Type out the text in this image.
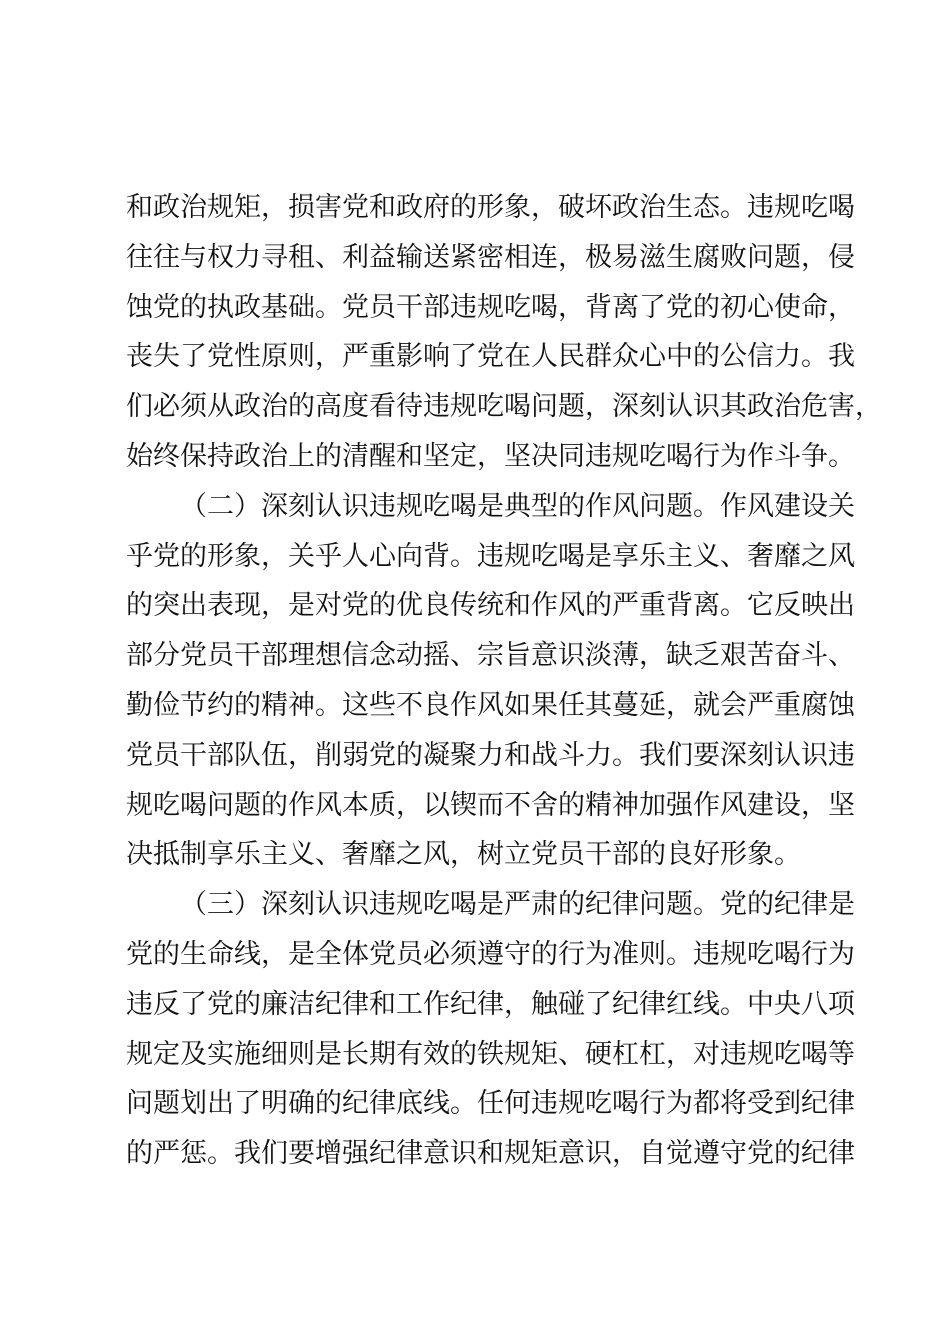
和政治规矩，损害党和政府的形象，破坏政治生态。违规吃喝
往往与权力寻租、利益输送紧密相连，极易滋生腐败问题，侵
蚀党的执政基础。党员干部违规吃喝，背离了党的初心使命，
丧失了党性原则，严重影响了党在人民群众心中的公信力。我
们必须从政治的高度看待违规吃喝问题，深刻认识其政治危害，
始终保持政治上的清醒和坚定，坚决同违规吃喝行为作斗争。
（二）深刻认识违规吃喝是典型的作风问题。作风建设关
乎党的形象，关乎人心向背。违规吃喝是享乐主义、奢靡之风
的突出表现，是对党的优良传统和作风的严重背离。它反映出
部分党员干部理想信念动摇、宗旨意识淡薄，缺乏艰苦奋斗、
勤俭节约的精神。这些不良作风如果任其蔓延，就会严重腐蚀
党员干部队伍，削弱党的凝聚力和战斗力。我们要深刻认识违
规吃喝问题的作风本质，以锲而不舍的精神加强作风建设，坚
决抵制享乐主义、奢靡之风，树立党员干部的良好形象。
（三）深刻认识违规吃喝是严肃的纪律问题。党的纪律是
党的生命线，是全体党员必须遵守的行为准则。违规吃喝行为
违反了党的廉洁纪律和工作纪律，触碰了纪律红线。中央八项
规定及实施细则是长期有效的铁规矩、硬杠杠，对违规吃喝等
问题划出了明确的纪律底线。任何违规吃喝行为都将受到纪律
的严惩。我们要增强纪律意识和规矩意识，自觉遵守党的纪律
